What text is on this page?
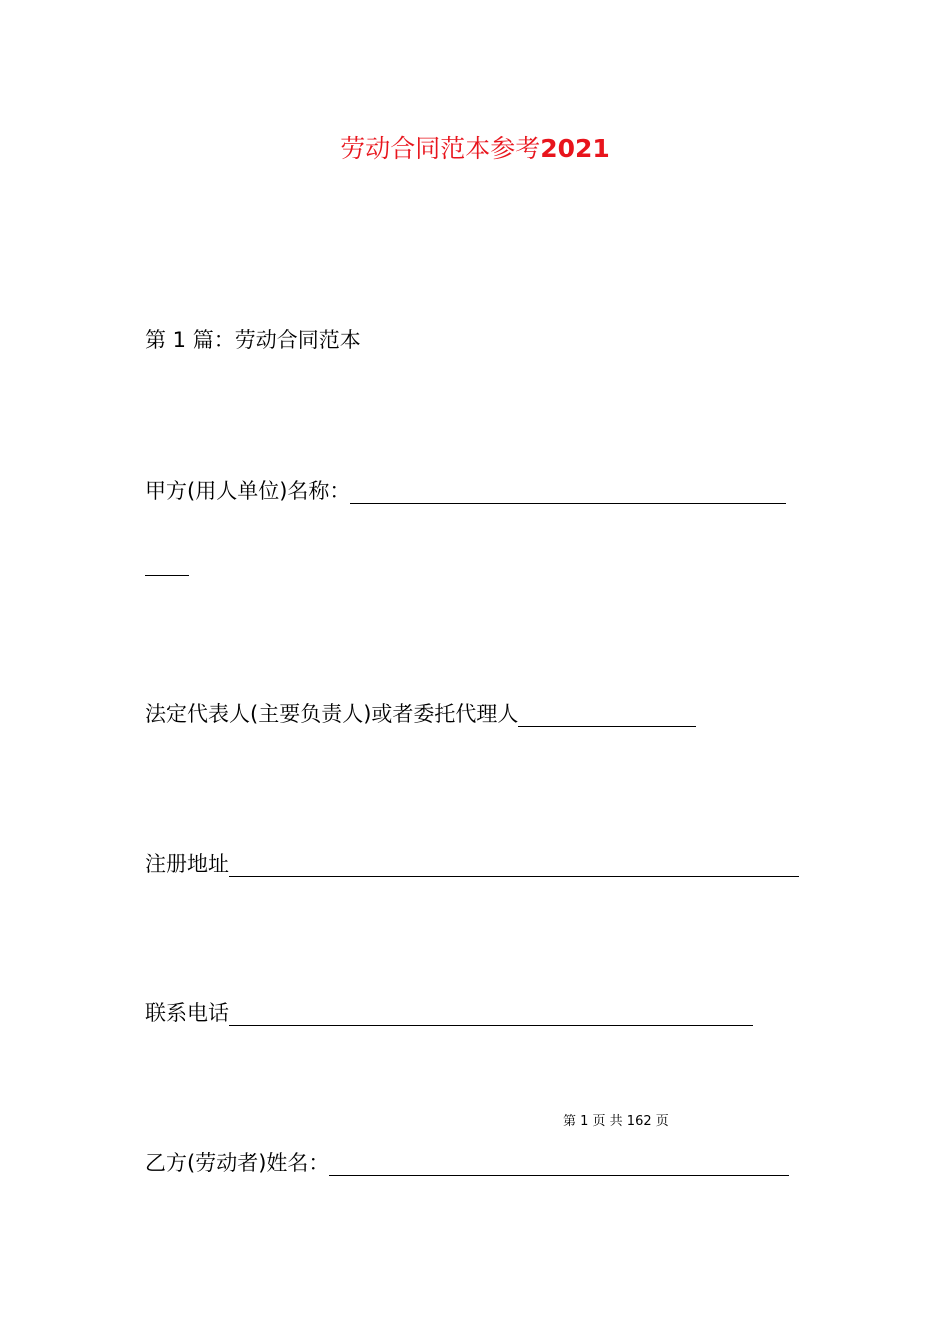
劳动合同范本参考2021
第 1 篇：劳动合同范本
甲方(用人单位)名称：
法定代表人(主要负责人)或者委托代理人
注册地址
联系电话
第 1 页 共 162 页
乙方(劳动者)姓名：
